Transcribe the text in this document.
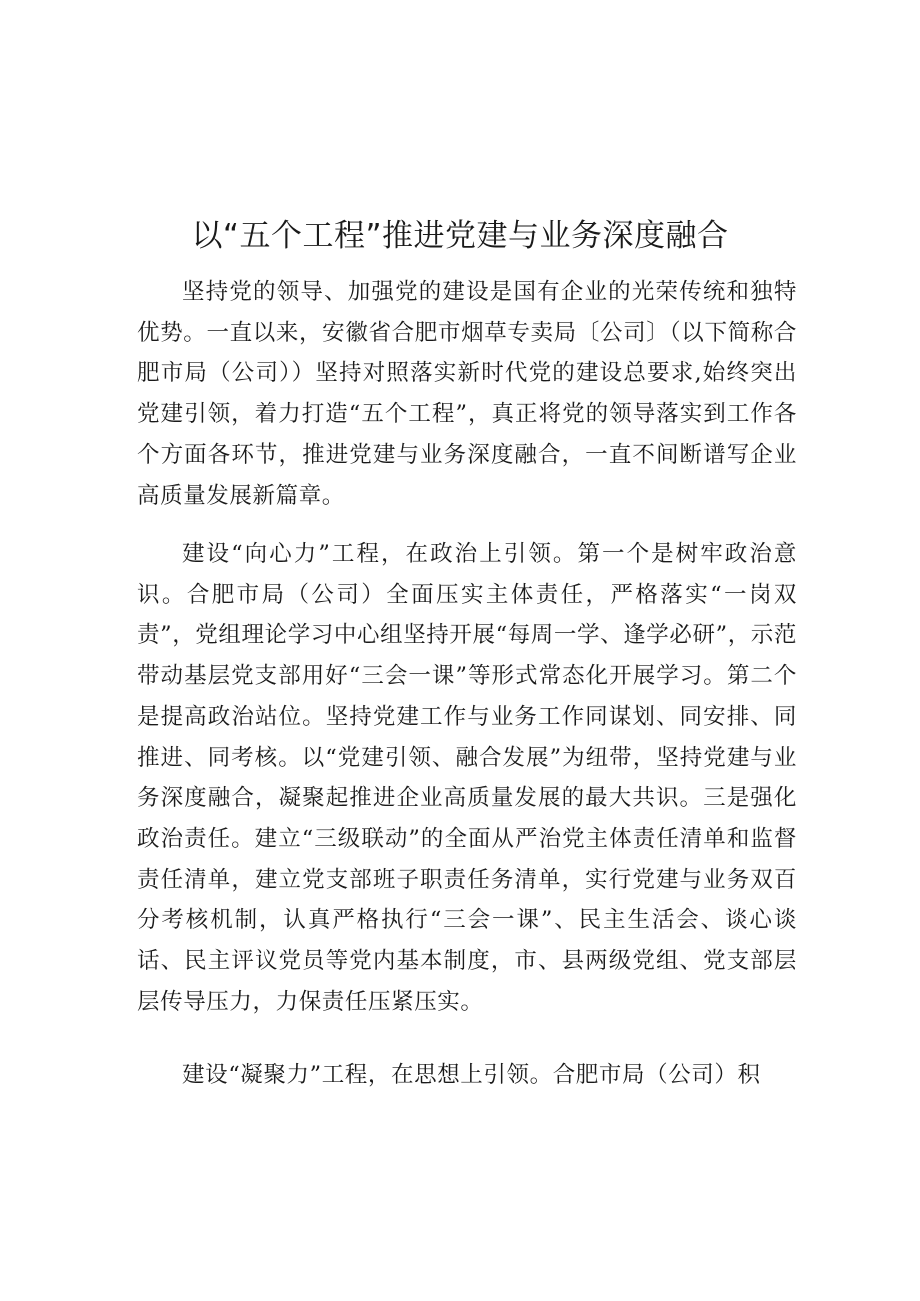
以“五个工程”推进党建与业务深度融合

坚持党的领导、加强党的建设是国有企业的光荣传统和独特优势。一直以来，安徽省合肥市烟草专卖局〔公司〕（以下简称合肥市局（公司））坚持对照落实新时代党的建设总要求,始终突出党建引领，着力打造“五个工程”，真正将党的领导落实到工作各个方面各环节，推进党建与业务深度融合，一直不间断谱写企业高质量发展新篇章。

建设“向心力”工程，在政治上引领。第一个是树牢政治意识。合肥市局（公司）全面压实主体责任，严格落实“一岗双责”，党组理论学习中心组坚持开展“每周一学、逢学必研”，示范带动基层党支部用好“三会一课”等形式常态化开展学习。第二个是提高政治站位。坚持党建工作与业务工作同谋划、同安排、同推进、同考核。以“党建引领、融合发展”为纽带，坚持党建与业务深度融合，凝聚起推进企业高质量发展的最大共识。三是强化政治责任。建立“三级联动”的全面从严治党主体责任清单和监督责任清单，建立党支部班子职责任务清单，实行党建与业务双百分考核机制，认真严格执行“三会一课”、民主生活会、谈心谈话、民主评议党员等党内基本制度，市、县两级党组、党支部层层传导压力，力保责任压紧压实。

建设“凝聚力”工程，在思想上引领。合肥市局（公司）积
